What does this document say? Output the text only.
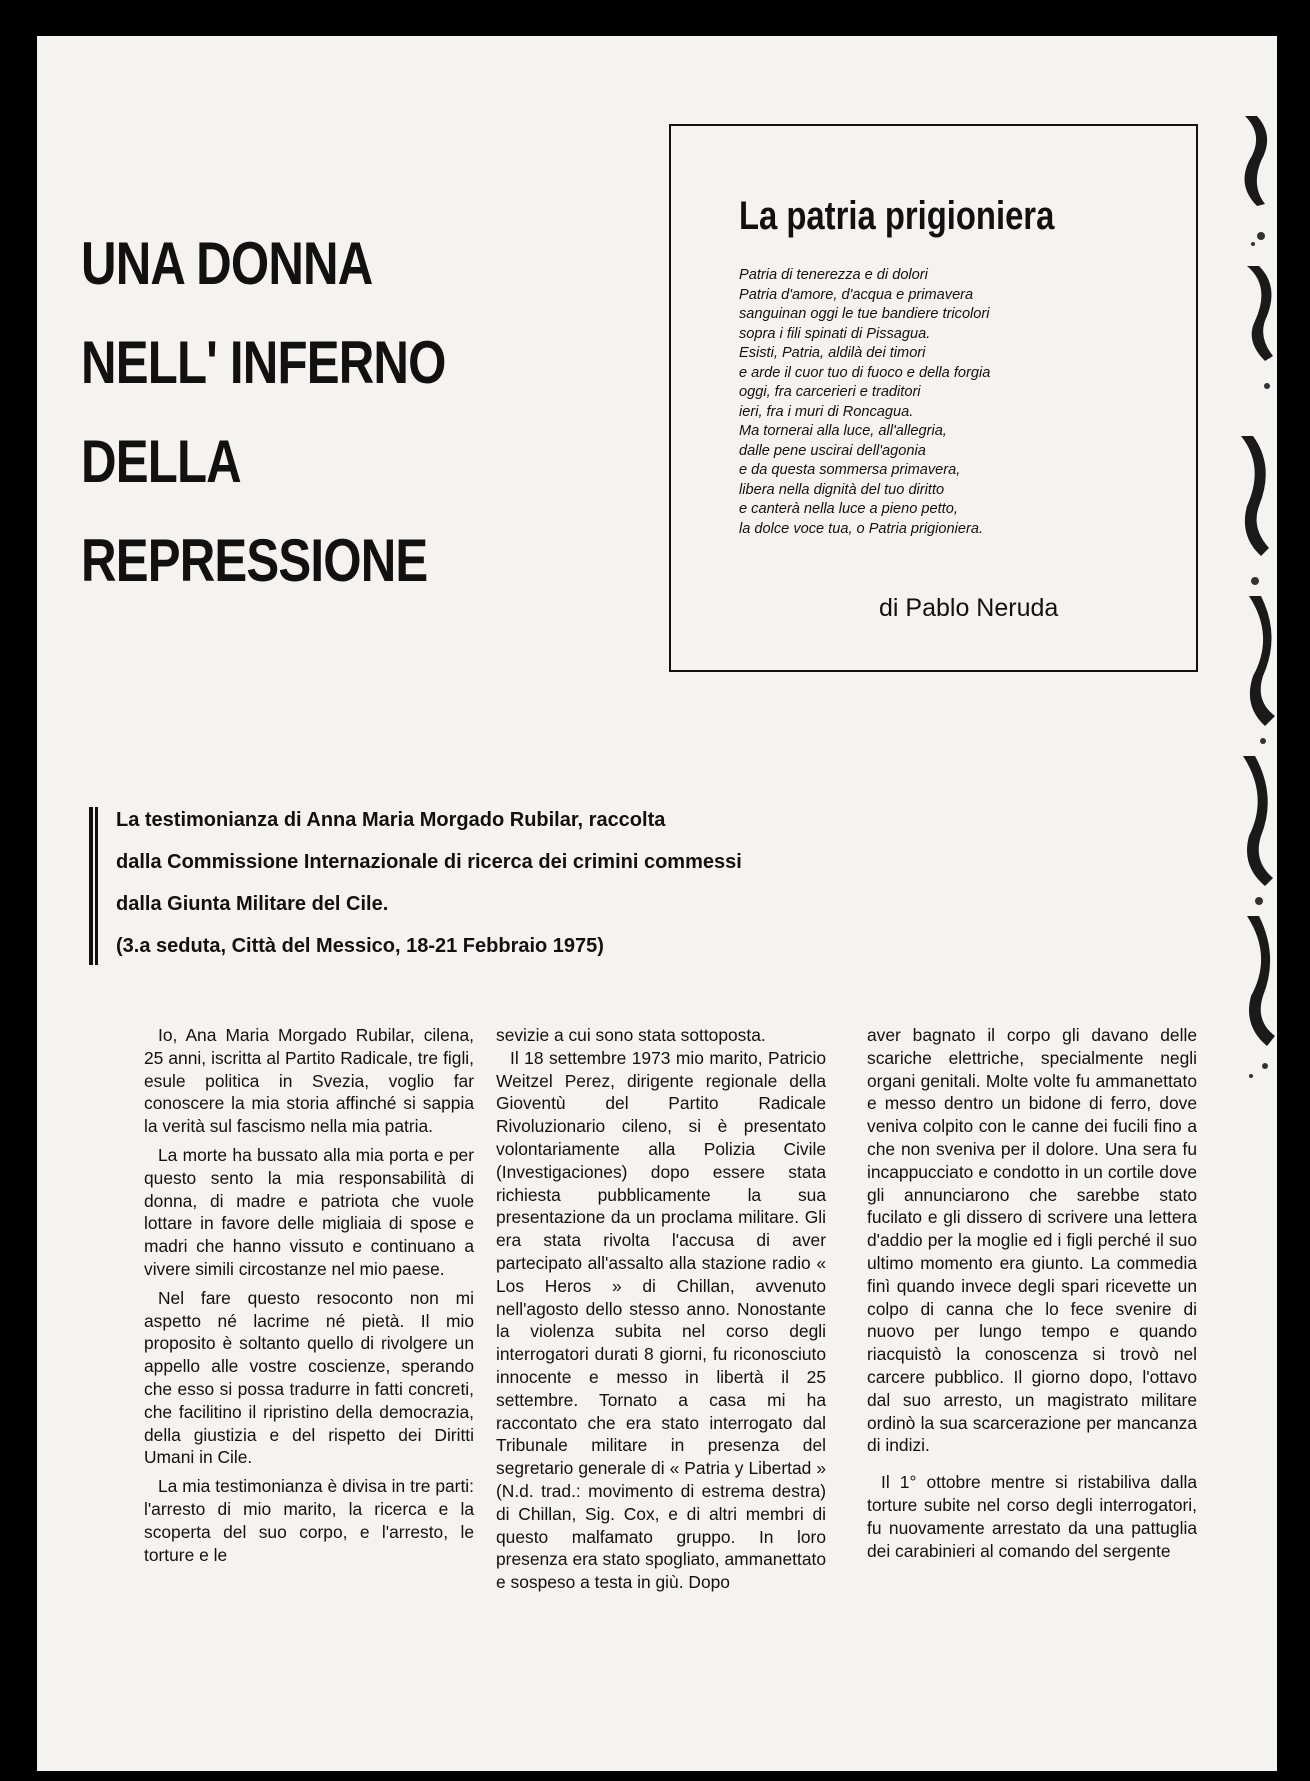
UNA DONNA
NELL' INFERNO
DELLA
REPRESSIONE
La patria prigioniera
Patria di tenerezza e di dolori
Patria d'amore, d'acqua e primavera
sanguinan oggi le tue bandiere tricolori
sopra i fili spinati di Pissagua.
Esisti, Patria, aldilà dei timori
e arde il cuor tuo di fuoco e della forgia
oggi, fra carcerieri e traditori
ieri, fra i muri di Roncagua.
Ma tornerai alla luce, all'allegria,
dalle pene uscirai dell'agonia
e da questa sommersa primavera,
libera nella dignità del tuo diritto
e canterà nella luce a pieno petto,
la dolce voce tua, o Patria prigioniera.
di Pablo Neruda
La testimonianza di Anna Maria Morgado Rubilar, raccolta
dalla Commissione Internazionale di ricerca dei crimini commessi
dalla Giunta Militare del Cile.
(3.a seduta, Città del Messico, 18-21 Febbraio 1975)

Io, Ana Maria Morgado Rubilar, cilena, 25 anni, iscritta al Partito Radicale, tre figli, esule politica in Svezia, voglio far conoscere la mia storia affinché si sappia la verità sul fascismo nella mia patria.

La morte ha bussato alla mia porta e per questo sento la mia responsabilità di donna, di madre e patriota che vuole lottare in favore delle migliaia di spose e madri che hanno vissuto e continuano a vivere simili circostanze nel mio paese.

Nel fare questo resoconto non mi aspetto né lacrime né pietà. Il mio proposito è soltanto quello di rivolgere un appello alle vostre coscienze, sperando che esso si possa tradurre in fatti concreti, che facilitino il ripristino della democrazia, della giustizia e del rispetto dei Diritti Umani in Cile.

La mia testimonianza è divisa in tre parti: l'arresto di mio marito, la ricerca e la scoperta del suo corpo, e l'arresto, le torture e le

sevizie a cui sono stata sottoposta.

Il 18 settembre 1973 mio marito, Patricio Weitzel Perez, dirigente regionale della Gioventù del Partito Radicale Rivoluzionario cileno, si è presentato volontariamente alla Polizia Civile (Investigaciones) dopo essere stata richiesta pubblicamente la sua presentazione da un proclama militare. Gli era stata rivolta l'accusa di aver partecipato all'assalto alla stazione radio « Los Heros » di Chillan, avvenuto nell'agosto dello stesso anno. Nonostante la violenza subita nel corso degli interrogatori durati 8 giorni, fu riconosciuto innocente e messo in libertà il 25 settembre. Tornato a casa mi ha raccontato che era stato interrogato dal Tribunale militare in presenza del segretario generale di « Patria y Libertad » (N.d. trad.: movimento di estrema destra) di Chillan, Sig. Cox, e di altri membri di questo malfamato gruppo. In loro presenza era stato spogliato, ammanettato e sospeso a testa in giù. Dopo

aver bagnato il corpo gli davano delle scariche elettriche, specialmente negli organi genitali. Molte volte fu ammanettato e messo dentro un bidone di ferro, dove veniva colpito con le canne dei fucili fino a che non sveniva per il dolore. Una sera fu incappucciato e condotto in un cortile dove gli annunciarono che sarebbe stato fucilato e gli dissero di scrivere una lettera d'addio per la moglie ed i figli perché il suo ultimo momento era giunto. La commedia finì quando invece degli spari ricevette un colpo di canna che lo fece svenire di nuovo per lungo tempo e quando riacquistò la conoscenza si trovò nel carcere pubblico. Il giorno dopo, l'ottavo dal suo arresto, un magistrato militare ordinò la sua scarcerazione per mancanza di indizi.

Il 1° ottobre mentre si ristabiliva dalla torture subite nel corso degli interrogatori, fu nuovamente arrestato da una pattuglia dei carabinieri al comando del sergente
